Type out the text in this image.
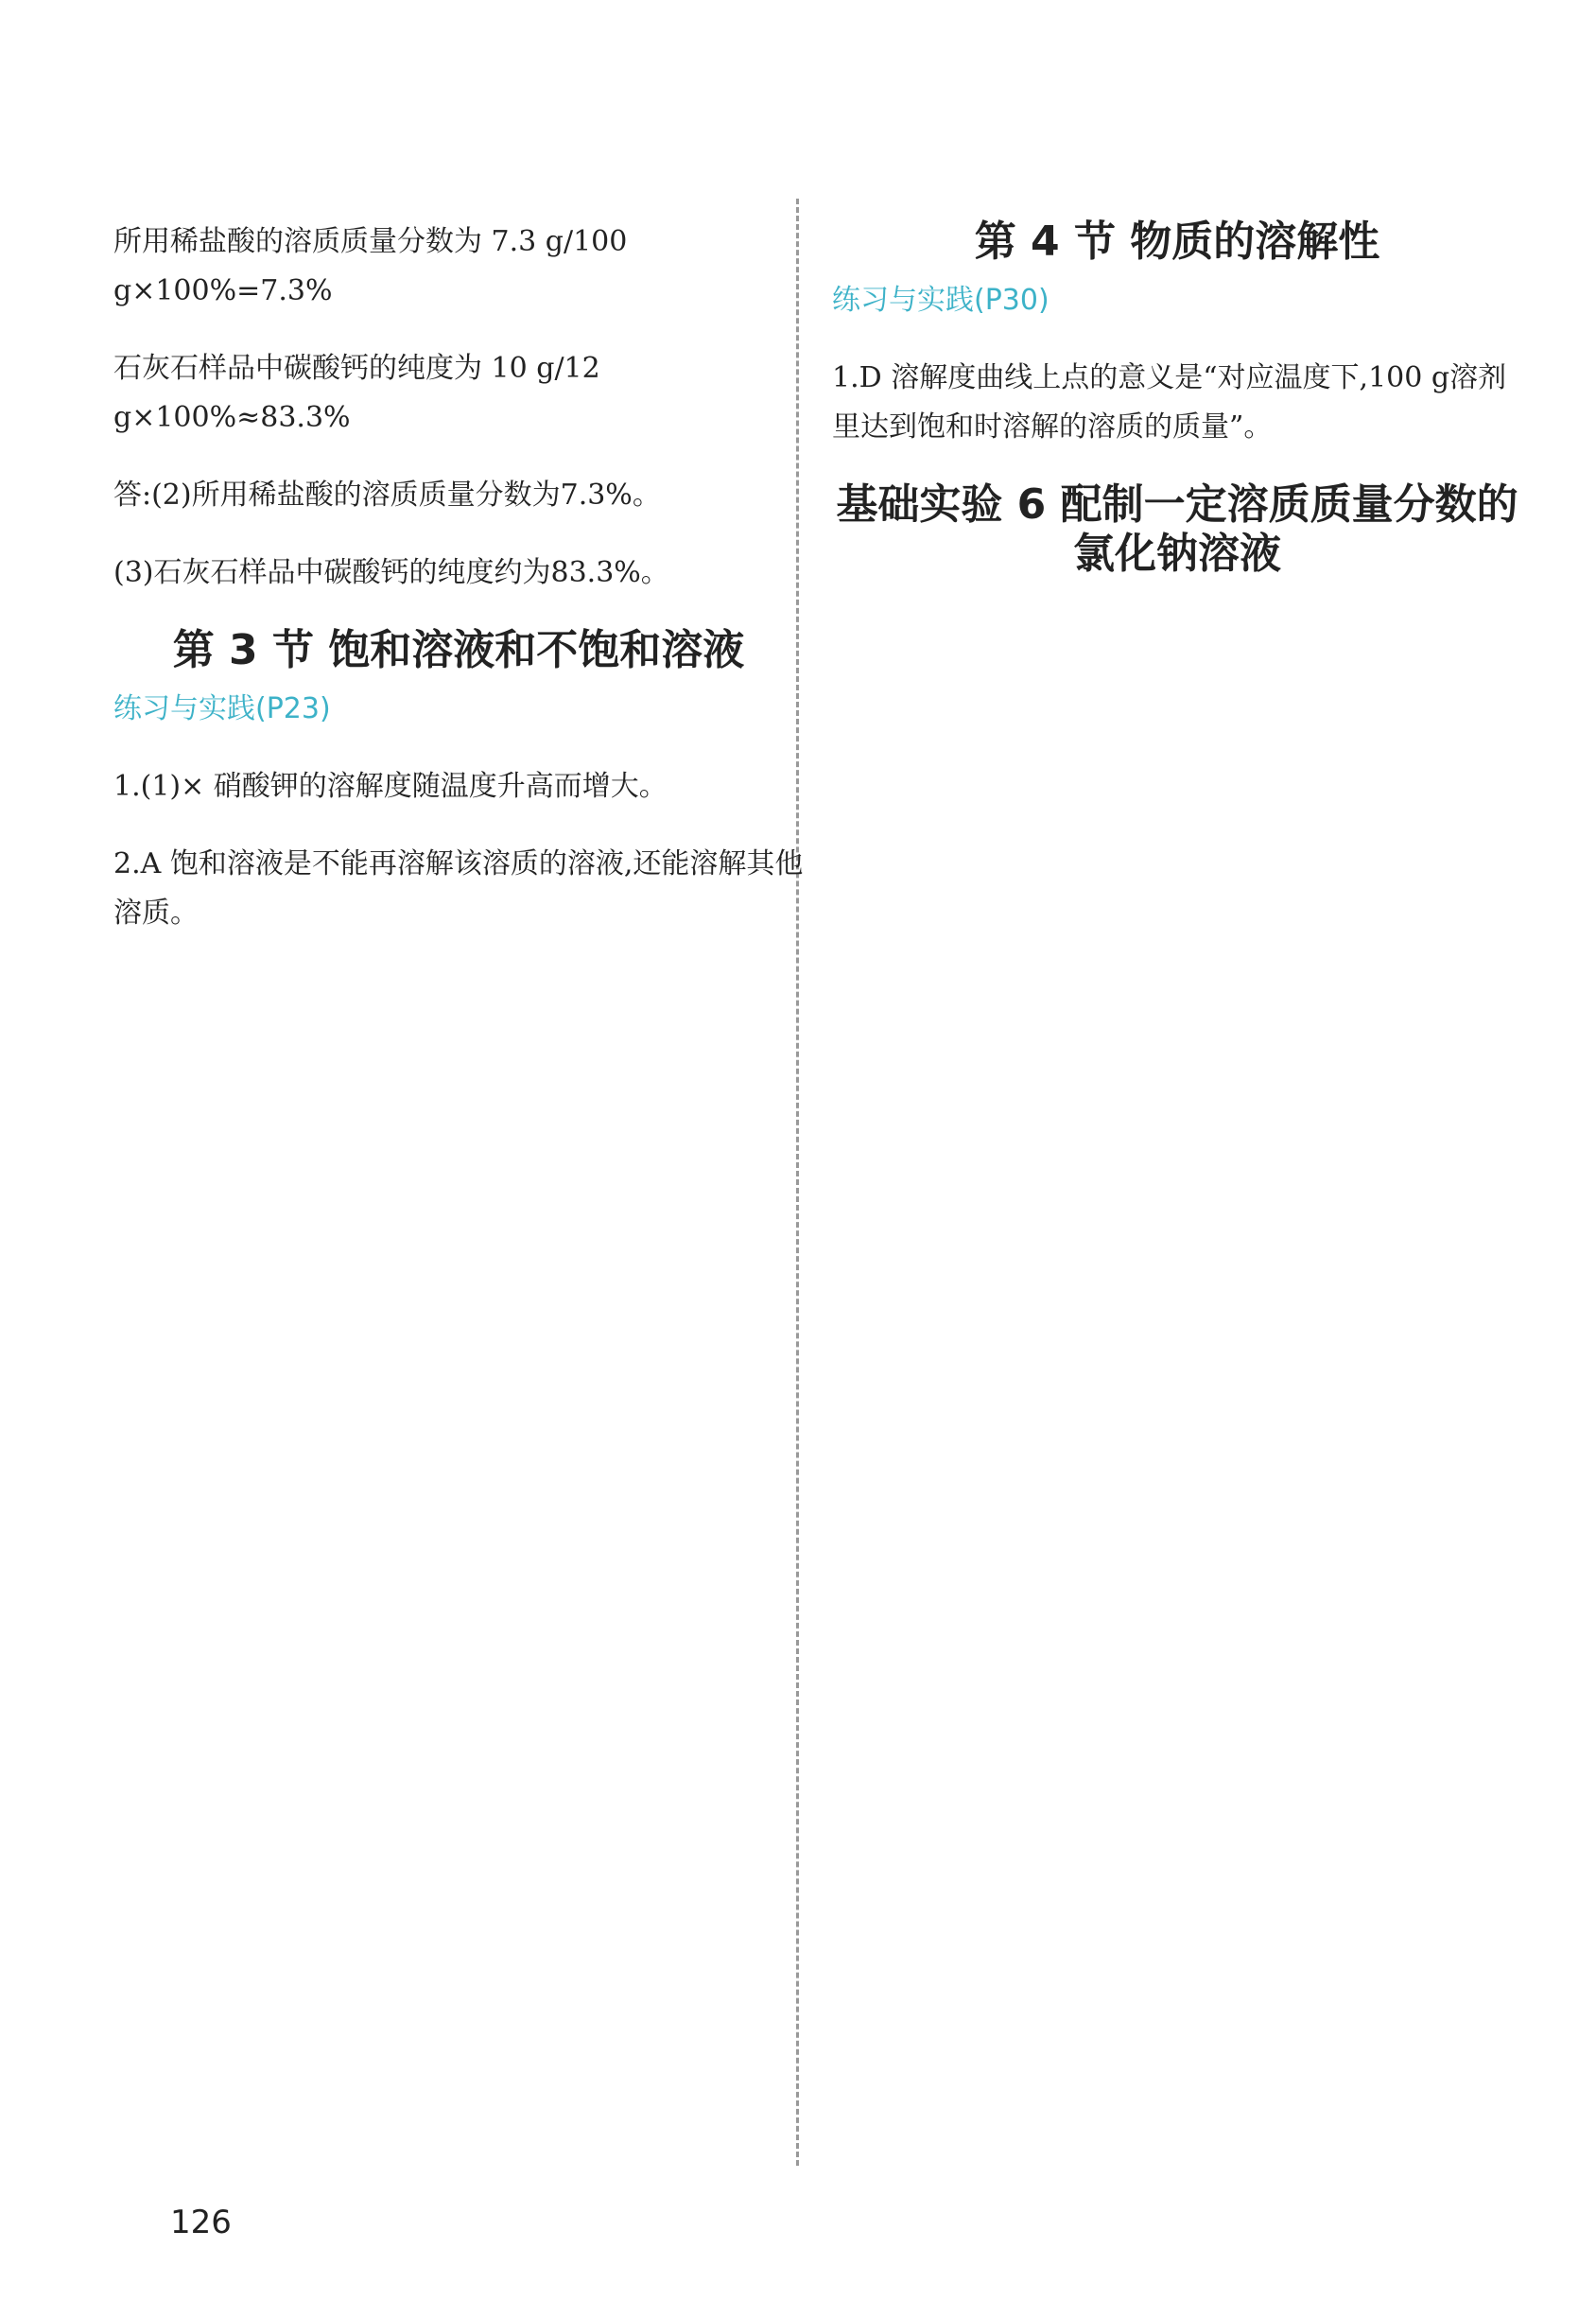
所用稀盐酸的溶质质量分数为 7.3 g/100 g×100%=7.3%

石灰石样品中碳酸钙的纯度为 10 g/12 g×100%≈83.3%

答:(2)所用稀盐酸的溶质质量分数为7.3%。

(3)石灰石样品中碳酸钙的纯度约为83.3%。

第 3 节 饱和溶液和不饱和溶液
练习与实践(P23)

1.(1)× 硝酸钾的溶解度随温度升高而增大。

2.A 饱和溶液是不能再溶解该溶质的溶液,还能溶解其他溶质。

第 4 节 物质的溶解性
练习与实践(P30)

1.D 溶解度曲线上点的意义是“对应温度下,100 g溶剂里达到饱和时溶解的溶质的质量”。

基础实验 6 配制一定溶质质量分数的氯化钠溶液
126
